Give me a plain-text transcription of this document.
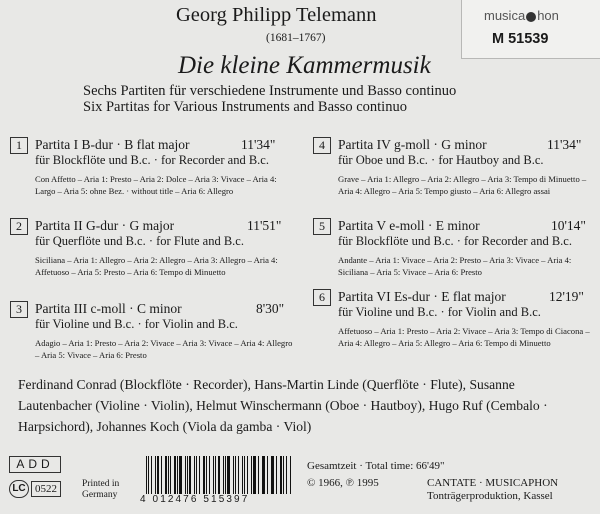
Georg Philipp Telemann
(1681–1767)
Die kleine Kammermusik
Sechs Partiten für verschiedene Instrumente und Basso continuo
Six Partitas for Various Instruments and Basso continuo
musica hon
M 51539
1 Partita I B-dur · B flat major	11'34"
für Blockflöte und B.c. · for Recorder and B.c.
Con Affetto – Aria 1: Presto – Aria 2: Dolce – Aria 3: Vivace – Aria 4: Largo – Aria 5: ohne Bez. · without title – Aria 6: Allegro
2 Partita II G-dur · G major	11'51"
für Querflöte und B.c. · for Flute and B.c.
Siciliana – Aria 1: Allegro – Aria 2: Allegro – Aria 3: Allegro – Aria 4: Affetuoso – Aria 5: Presto – Aria 6: Tempo di Minuetto
3 Partita III c-moll · C minor	8'30"
für Violine und B.c. · for Violin and B.c.
Adagio – Aria 1: Presto – Aria 2: Vivace – Aria 3: Vivace – Aria 4: Allegro – Aria 5: Vivace – Aria 6: Presto
4 Partita IV g-moll · G minor	11'34"
für Oboe und B.c. · for Hautboy and B.c.
Grave – Aria 1: Allegro – Aria 2: Allegro – Aria 3: Tempo di Minuetto – Aria 4: Allegro – Aria 5: Tempo giusto – Aria 6: Allegro assai
5 Partita V e-moll · E minor	10'14"
für Blockflöte und B.c. · for Recorder and B.c.
Andante – Aria 1: Vivace – Aria 2: Presto – Aria 3: Vivace – Aria 4: Siciliana – Aria 5: Vivace – Aria 6: Presto
6 Partita VI Es-dur · E flat major	12'19"
für Violine und B.c. · for Violin and B.c.
Affetuoso – Aria 1: Presto – Aria 2: Vivace – Aria 3: Tempo di Ciacona – Aria 4: Allegro – Aria 5: Allegro – Aria 6: Tempo di Minuetto
Ferdinand Conrad (Blockflöte · Recorder), Hans-Martin Linde (Querflöte · Flute), Susanne Lautenbacher (Violine · Violin), Helmut Winschermann (Oboe · Hautboy), Hugo Ruf (Cembalo · Harpsichord), Johannes Koch (Viola da gamba · Viol)
ADD
LC 0522	Printed in
Germany 4 012476 515397
Gesamtzeit · Total time: 66'49"
© 1966, ℗ 1995	CANTATE · MUSICAPHON
Tonträgerproduktion, Kassel
